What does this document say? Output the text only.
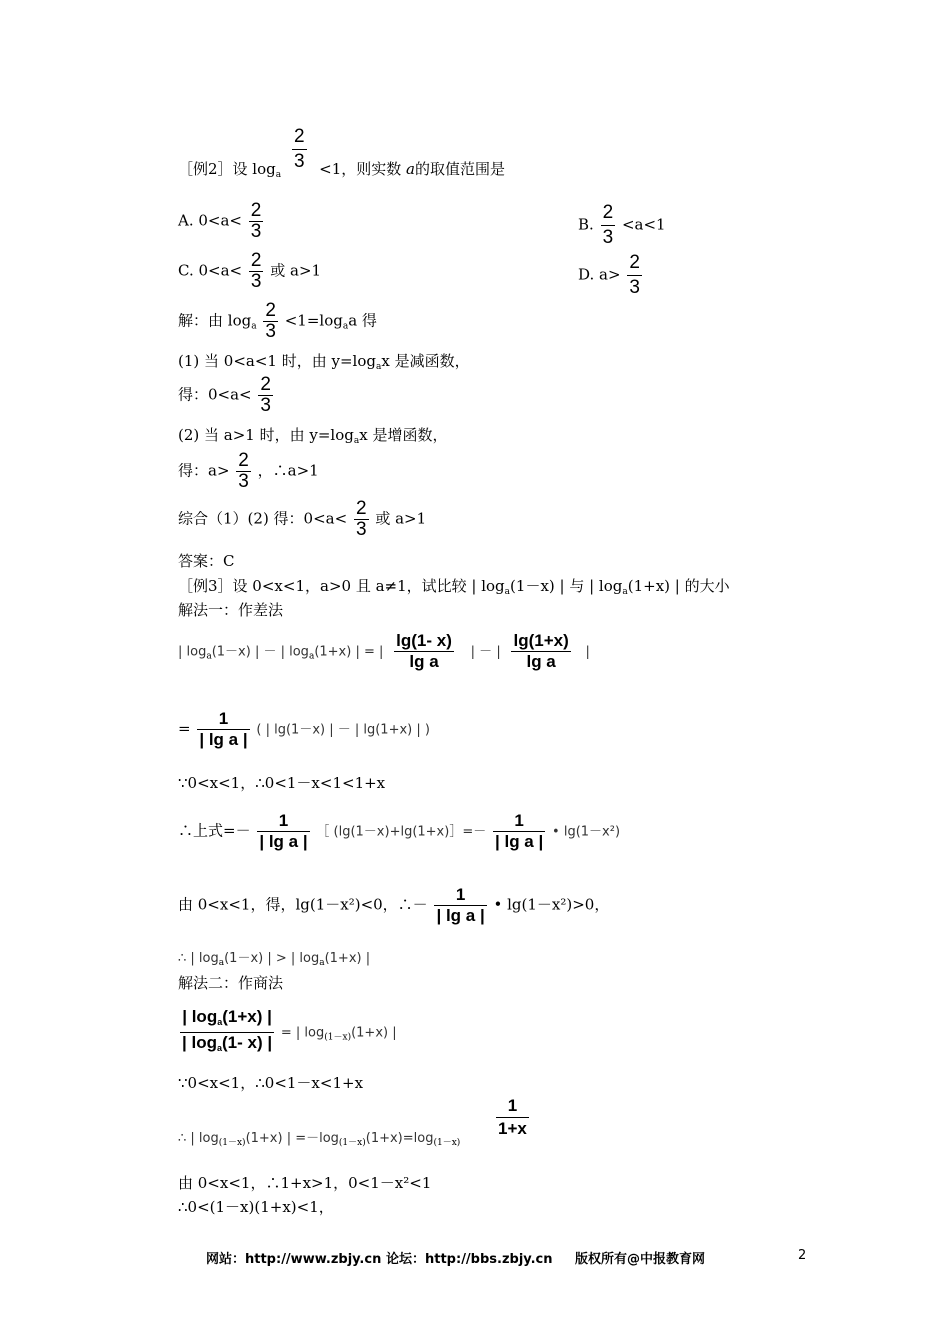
$\frac{2}{3}$
［例2］设 $\log_a$	<1，则实数 a的取值范围是
A. $0<a< \frac{2}{3}$	B. $\frac{2}{3} <a<1$
C. $0<a< \frac{2}{3}$ 或 a>1	D. $a> \frac{2}{3}$
解：由 $\log_a \frac{2}{3} <1=\log_aa$ 得
(1) 当 0<a<1 时，由 $y=\log_ax$ 是减函数，
得：$0<a< \frac{2}{3}$
(2) 当 a>1 时，由 $y=\log_ax$ 是增函数，
得：$a> \frac{2}{3}$ ，∴a>1
综合（1）(2) 得：$0<a< \frac{2}{3}$ 或 a>1
答案：C
［例3］设 0<x<1，a>0 且 a≠1，试比较 | $\log_a(1-x)$ | 与 | $\log_a(1+x)$ | 的大小
解法一：作差法
| $\log_a(1-x)$ | － | $\log_a(1+x)$ | = | $\frac{\lg(1- x)}{\text{lg a}}$ | － | $\frac{\lg(1+x)}{\text{lg a}}$ |
= $\frac{1}{\text{| lg a |}}$ ( | lg(1－x) | － | lg(1+x) | )
∵0<x<1，∴0<1－x<1<1+x
∴上式=－ $\frac{1}{\text{| lg a |}}$ ［ (lg(1－x)+lg(1+x)］=－ $\frac{1}{\text{| lg a |}}$ • lg(1－x²)
由 0<x<1，得，lg(1－x²)<0，∴－ $\frac{1}{\text{| lg a |}}$ • lg(1－x²)>0，
∴ | $\log_a(1-x)$ | > | $\log_a(1+x)$ |
解法二：作商法
$\frac{| \log_a(1+x) |}{| \log_a(1- x) |}$ = | $\log_{(1-x)}(1+x)$ |
∵0<x<1，∴0<1－x<1+x
$\frac{1}{1+x}$
∴ | $\log_{(1-x)}(1+x)$ | $=-\log_{(1-x)}(1+x)=\log_{(1-x)}$
由 0<x<1，∴1+x>1，0<1－x²<1
∴0<(1－x)(1+x)<1，
网站：http://www.zbjy.cn 论坛：http://bbs.zbjy.cn 版权所有@中报教育网	2
